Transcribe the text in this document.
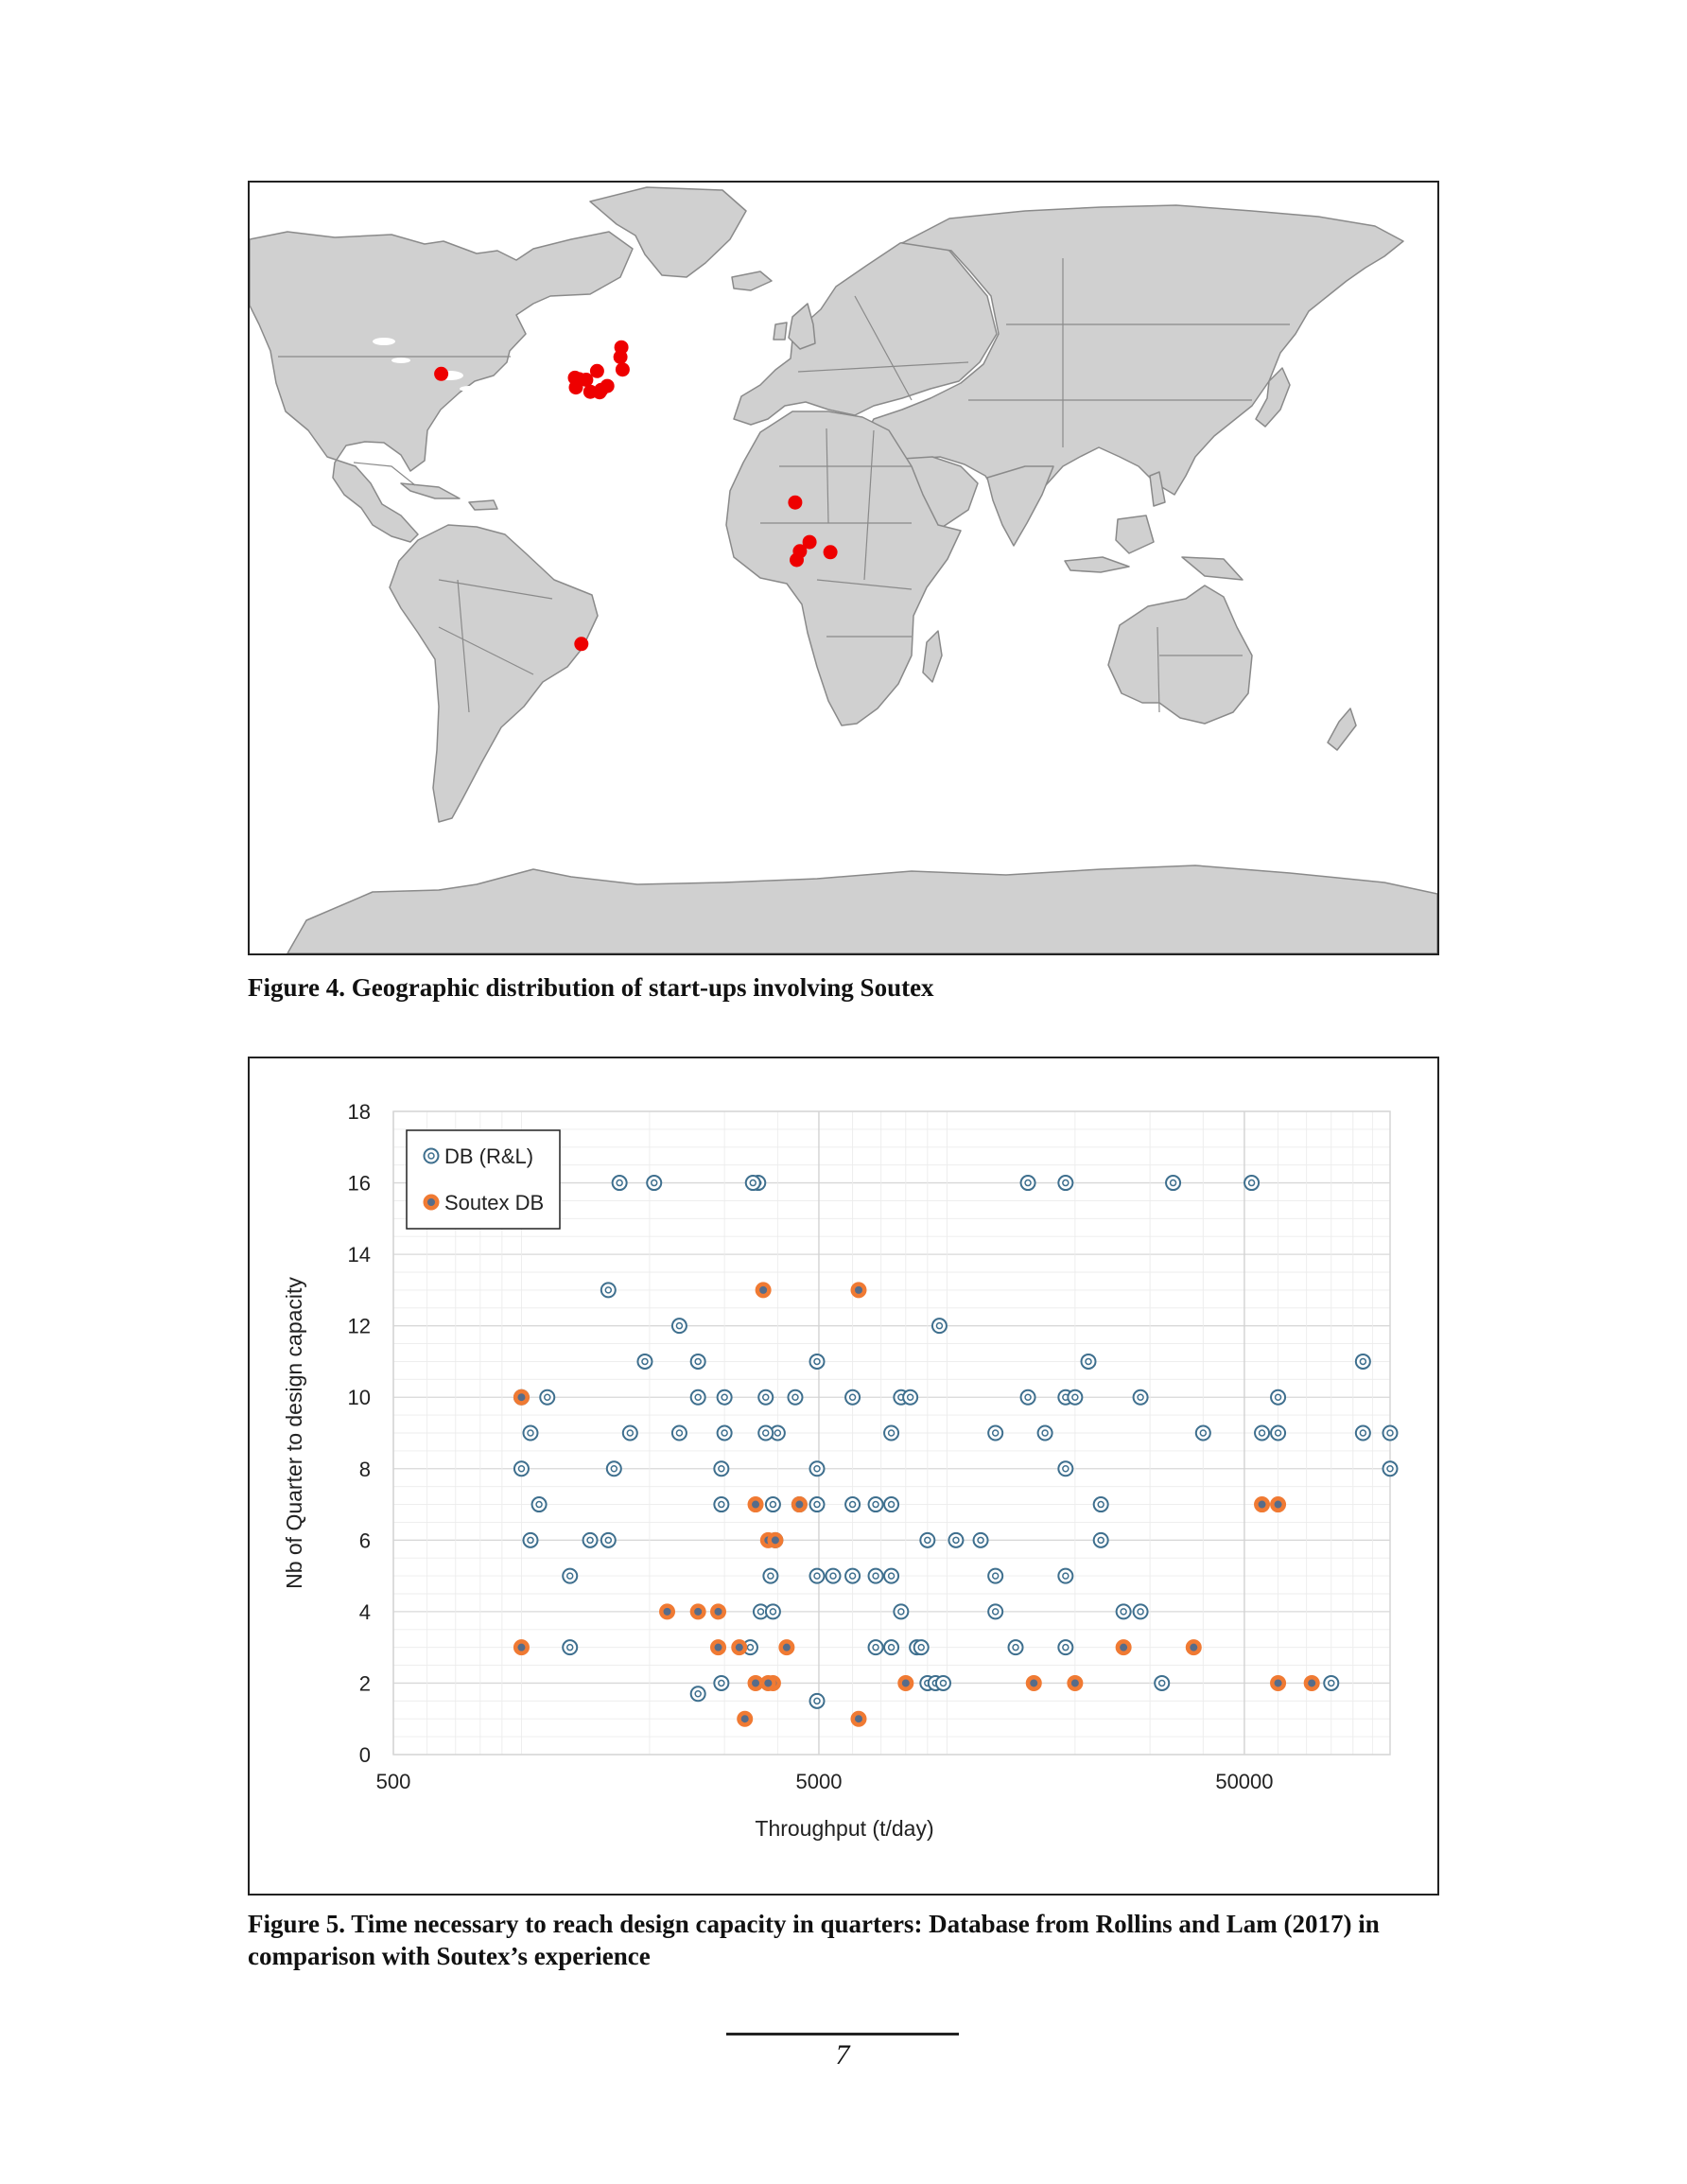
Figure 4. Geographic distribution of start-ups involving Soutex
0
2
4
6
8
10
12
14
16
18
500	5000	50000
Throughput (t/day)
Nb of Quarter to design capacity
DB (R&L)
Soutex DB
Figure 5. Time necessary to reach design capacity in quarters: Database from Rollins and Lam (2017) in comparison with Soutex’s experience
7
